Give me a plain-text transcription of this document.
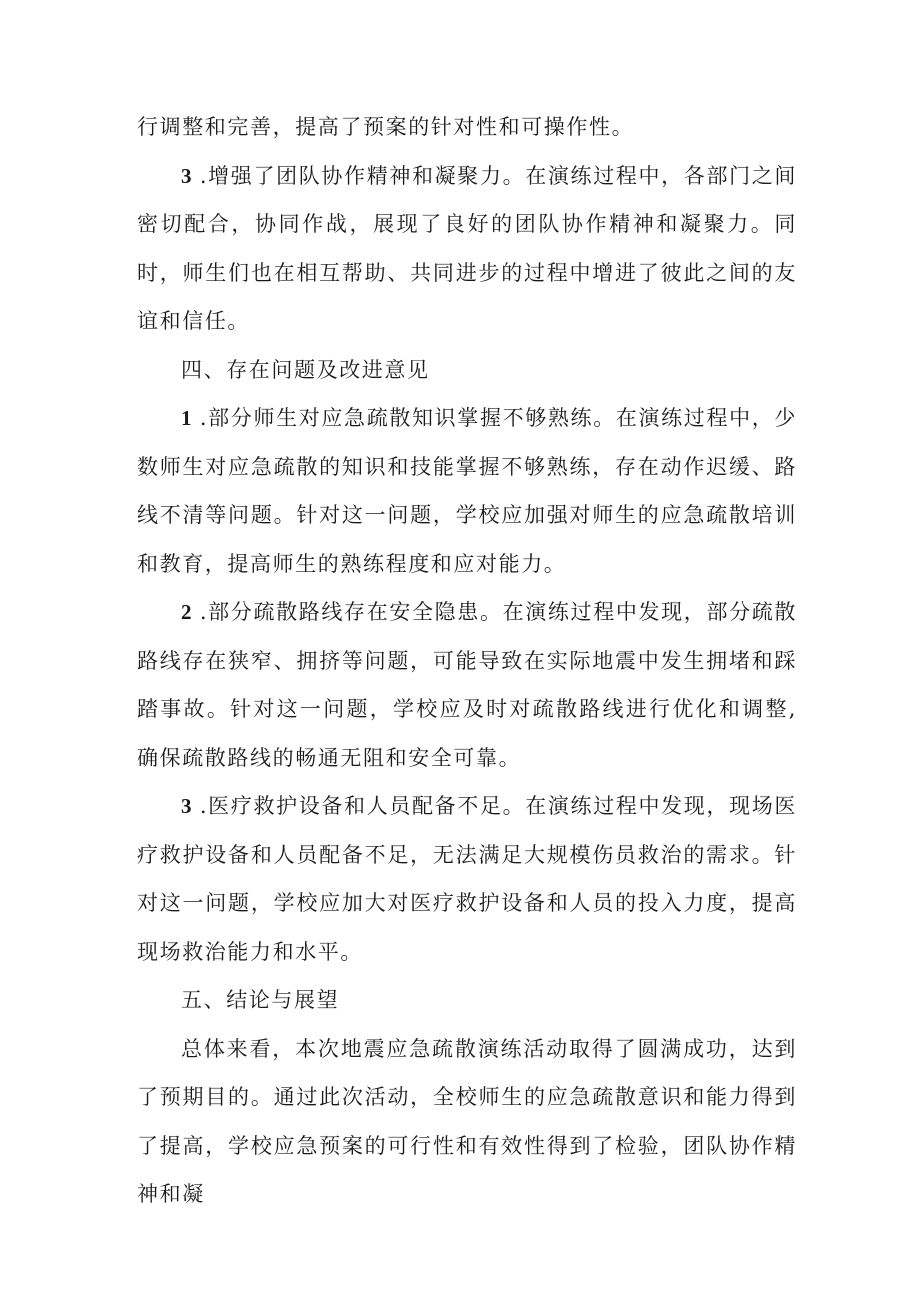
行调整和完善，提高了预案的针对性和可操作性。

3 .增强了团队协作精神和凝聚力。在演练过程中，各部门之间密切配合，协同作战，展现了良好的团队协作精神和凝聚力。同时，师生们也在相互帮助、共同进步的过程中增进了彼此之间的友谊和信任。

四、存在问题及改进意见

1 .部分师生对应急疏散知识掌握不够熟练。在演练过程中，少数师生对应急疏散的知识和技能掌握不够熟练，存在动作迟缓、路线不清等问题。针对这一问题，学校应加强对师生的应急疏散培训和教育，提高师生的熟练程度和应对能力。

2 .部分疏散路线存在安全隐患。在演练过程中发现，部分疏散路线存在狭窄、拥挤等问题，可能导致在实际地震中发生拥堵和踩踏事故。针对这一问题，学校应及时对疏散路线进行优化和调整,确保疏散路线的畅通无阻和安全可靠。

3 .医疗救护设备和人员配备不足。在演练过程中发现，现场医疗救护设备和人员配备不足，无法满足大规模伤员救治的需求。针对这一问题，学校应加大对医疗救护设备和人员的投入力度，提高现场救治能力和水平。

五、结论与展望

总体来看，本次地震应急疏散演练活动取得了圆满成功，达到了预期目的。通过此次活动，全校师生的应急疏散意识和能力得到了提高，学校应急预案的可行性和有效性得到了检验，团队协作精神和凝
